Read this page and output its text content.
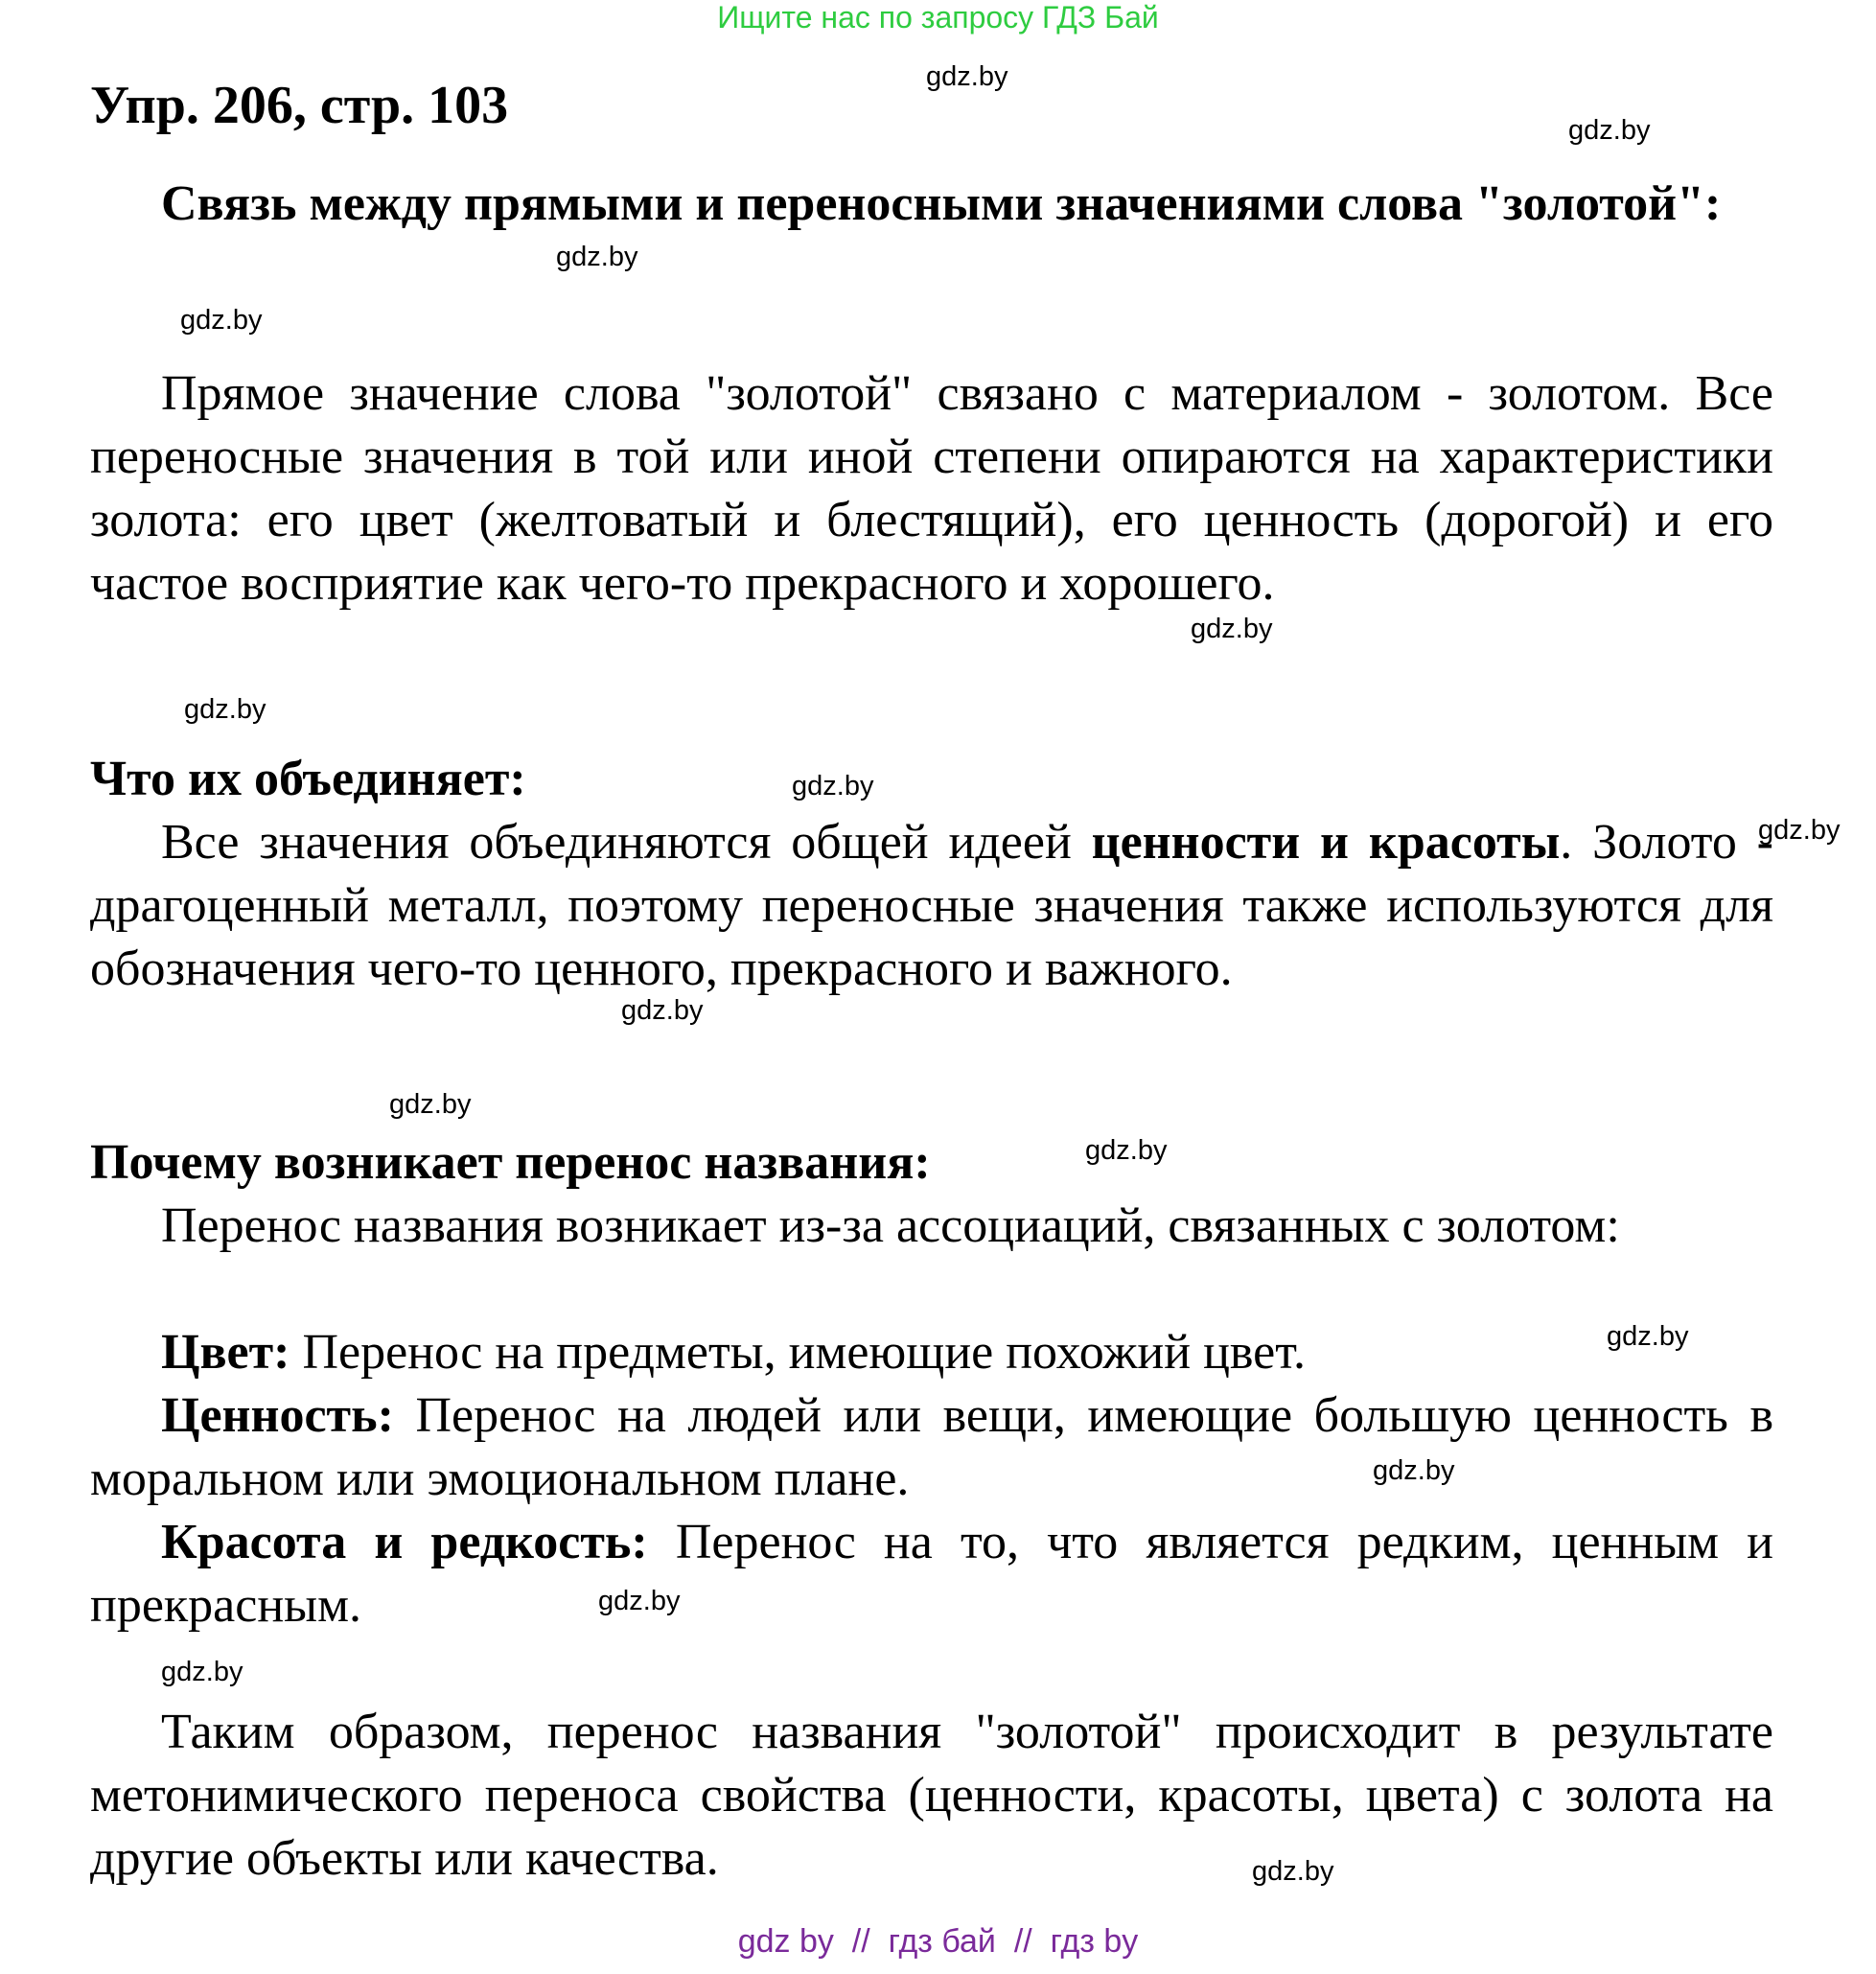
Ищите нас по запросу ГДЗ Бай
Упр. 206, стр. 103

Связь между прямыми и переносными значениями слова "золотой":

Прямое значение слова "золотой" связано с материалом - золотом. Все переносные значения в той или иной степени опираются на характеристики золота: его цвет (желтоватый и блестящий), его ценность (дорогой) и его частое восприятие как чего-то прекрасного и хорошего.

Что их объединяет:

Все значения объединяются общей идеей ценности и красоты. Золото - драгоценный металл, поэтому переносные значения также используются для обозначения чего-то ценного, прекрасного и важного.

Почему возникает перенос названия:

Перенос названия возникает из-за ассоциаций, связанных с золотом:

Цвет: Перенос на предметы, имеющие похожий цвет.

Ценность: Перенос на людей или вещи, имеющие большую ценность в моральном или эмоциональном плане.

Красота и редкость: Перенос на то, что является редким, ценным и прекрасным.

Таким образом, перенос названия "золотой" происходит в результате метонимического переноса свойства (ценности, красоты, цвета) с золота на другие объекты или качества.

gdz.by
gdz.by
gdz.by
gdz.by
gdz.by
gdz.by
gdz.by
gdz.by
gdz.by
gdz.by
gdz.by
gdz.by
gdz.by
gdz.by
gdz.by
gdz.by
gdz by  //  гдз бай  //  гдз by
